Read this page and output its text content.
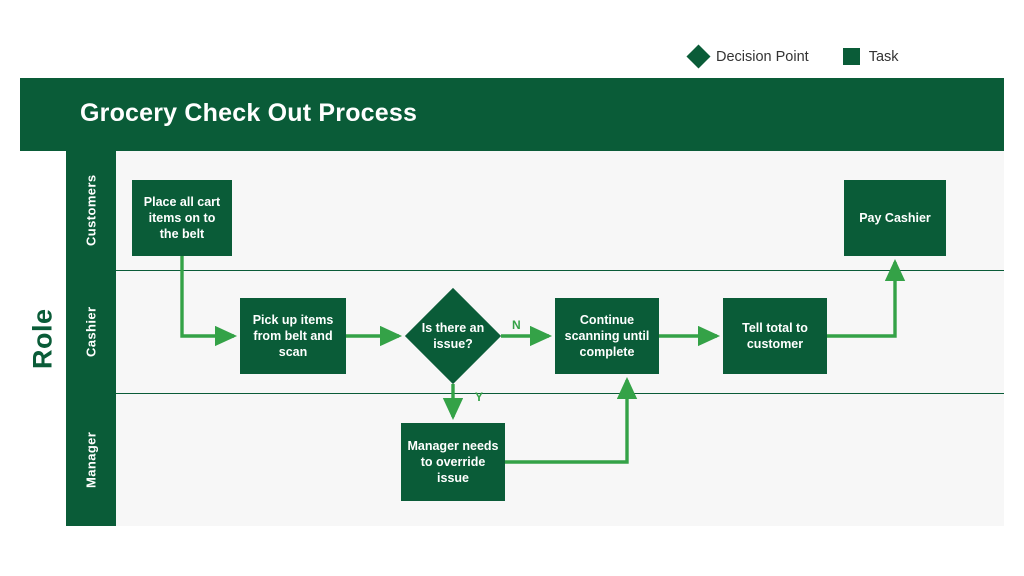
Decision Point	Task
Grocery Check Out Process
Role
Customers
Cashier
Manager
N
Y
Place all cart items on to the belt
Pay Cashier
Pick up items from belt and scan
Is there an issue?
Continue scanning until complete
Tell total to customer
Manager needs to override issue
